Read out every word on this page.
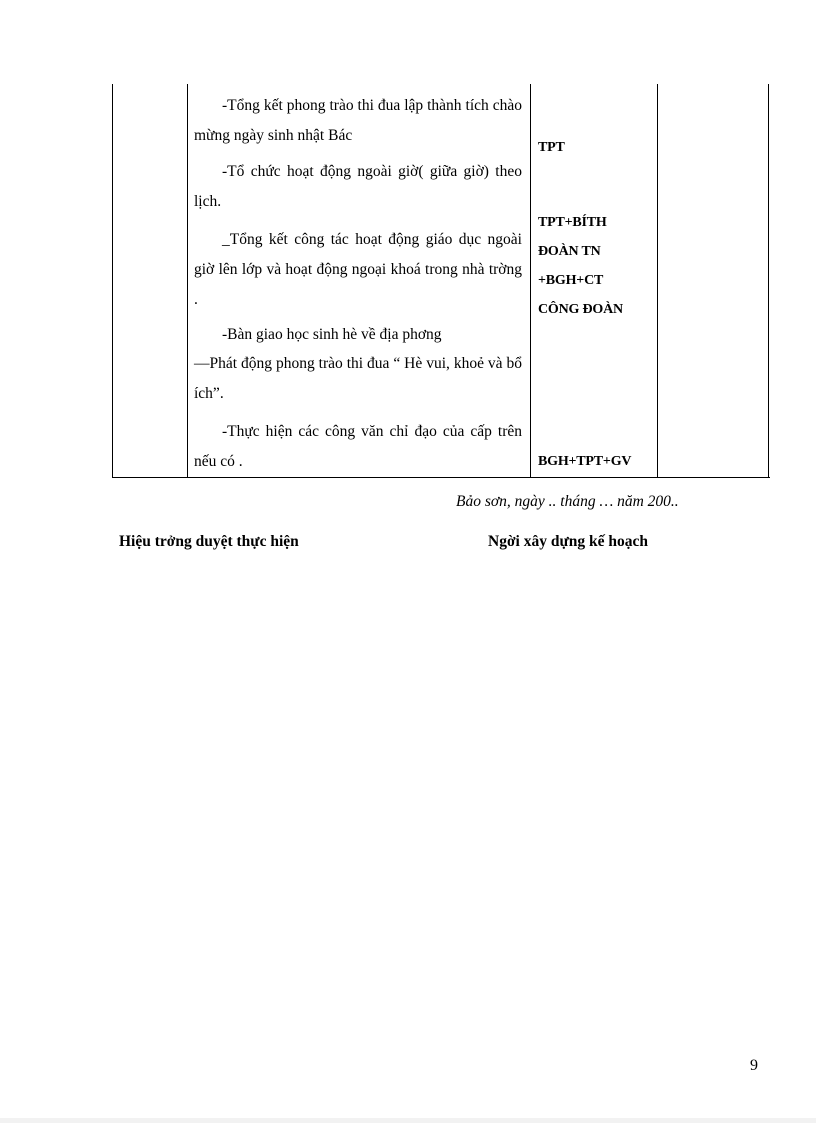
-Tổng kết phong trào thi đua lập thành tích chào mừng ngày sinh nhật Bác
-Tổ chức hoạt động ngoài giờ( giữa giờ) theo lịch.
_Tổng kết công tác hoạt động giáo dục ngoài giờ lên lớp và hoạt động ngoại khoá trong nhà trờng .
-Bàn giao học sinh hè về địa phơng
—Phát động phong trào thi đua “ Hè vui, khoẻ và bổ ích”.
-Thực hiện các công văn chỉ đạo của cấp trên nếu có .
TPT
TPT+BÍTH
ĐOÀN TN
+BGH+CT
CÔNG ĐOÀN
BGH+TPT+GV
Bảo sơn, ngày .. tháng … năm 200..
Hiệu trởng duyệt thực hiện	Ngời xây dựng kế hoạch
9
